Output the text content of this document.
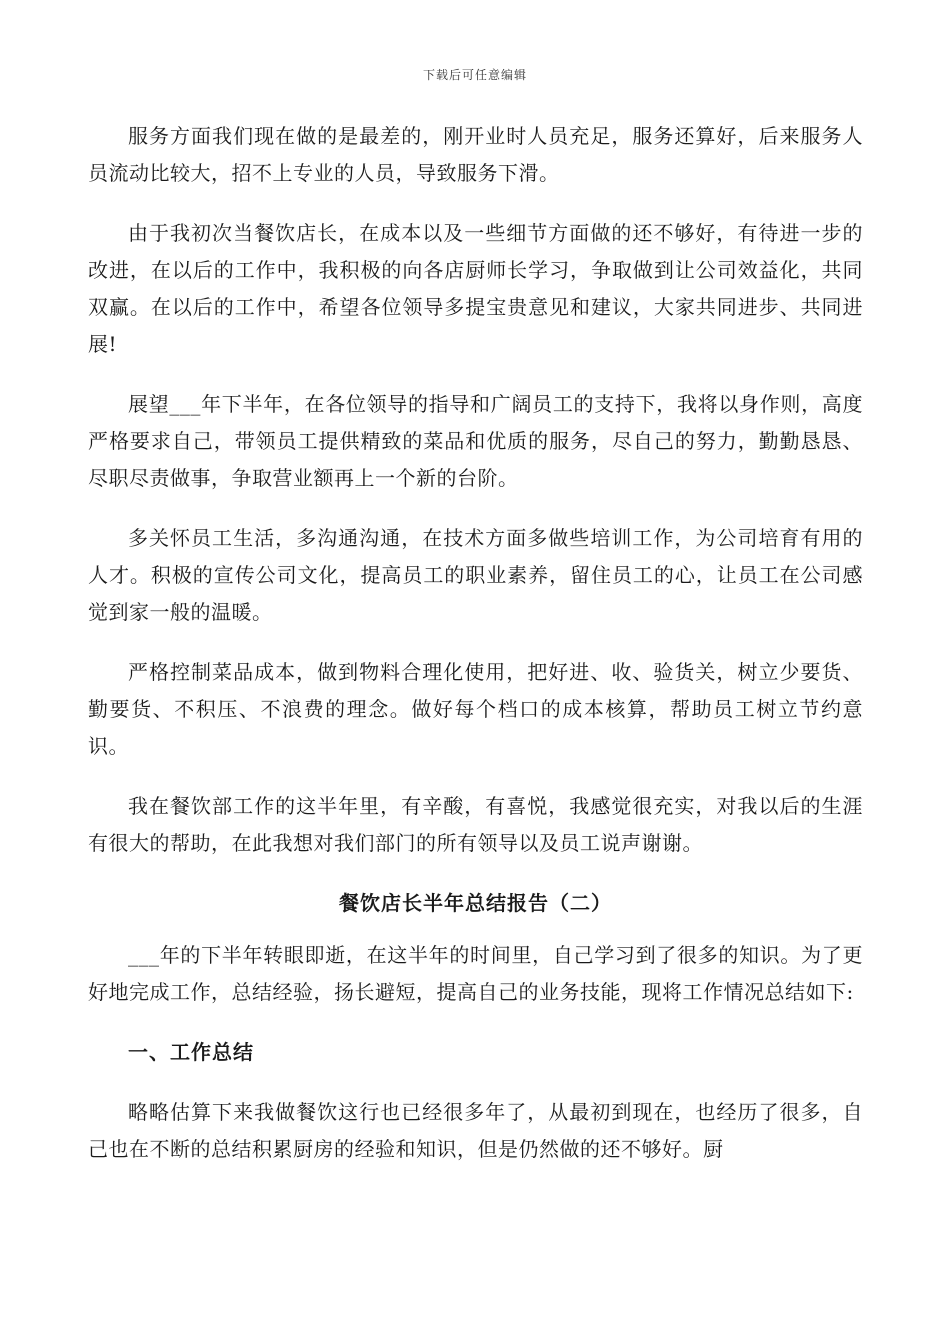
下载后可任意编辑

服务方面我们现在做的是最差的，刚开业时人员充足，服务还算好，后来服务人员流动比较大，招不上专业的人员，导致服务下滑。

由于我初次当餐饮店长，在成本以及一些细节方面做的还不够好，有待进一步的改进，在以后的工作中，我积极的向各店厨师长学习，争取做到让公司效益化，共同双赢。在以后的工作中，希望各位领导多提宝贵意见和建议，大家共同进步、共同进展!

展望___年下半年，在各位领导的指导和广阔员工的支持下，我将以身作则，高度严格要求自己，带领员工提供精致的菜品和优质的服务，尽自己的努力，勤勤恳恳、尽职尽责做事，争取营业额再上一个新的台阶。

多关怀员工生活，多沟通沟通，在技术方面多做些培训工作，为公司培育有用的人才。积极的宣传公司文化，提高员工的职业素养，留住员工的心，让员工在公司感觉到家一般的温暖。

严格控制菜品成本，做到物料合理化使用，把好进、收、验货关，树立少要货、勤要货、不积压、不浪费的理念。做好每个档口的成本核算，帮助员工树立节约意识。

我在餐饮部工作的这半年里，有辛酸，有喜悦，我感觉很充实，对我以后的生涯有很大的帮助，在此我想对我们部门的所有领导以及员工说声谢谢。

餐饮店长半年总结报告（二）

___年的下半年转眼即逝，在这半年的时间里，自己学习到了很多的知识。为了更好地完成工作，总结经验，扬长避短，提高自己的业务技能，现将工作情况总结如下:

一、工作总结

略略估算下来我做餐饮这行也已经很多年了，从最初到现在，也经历了很多，自己也在不断的总结积累厨房的经验和知识，但是仍然做的还不够好。厨
